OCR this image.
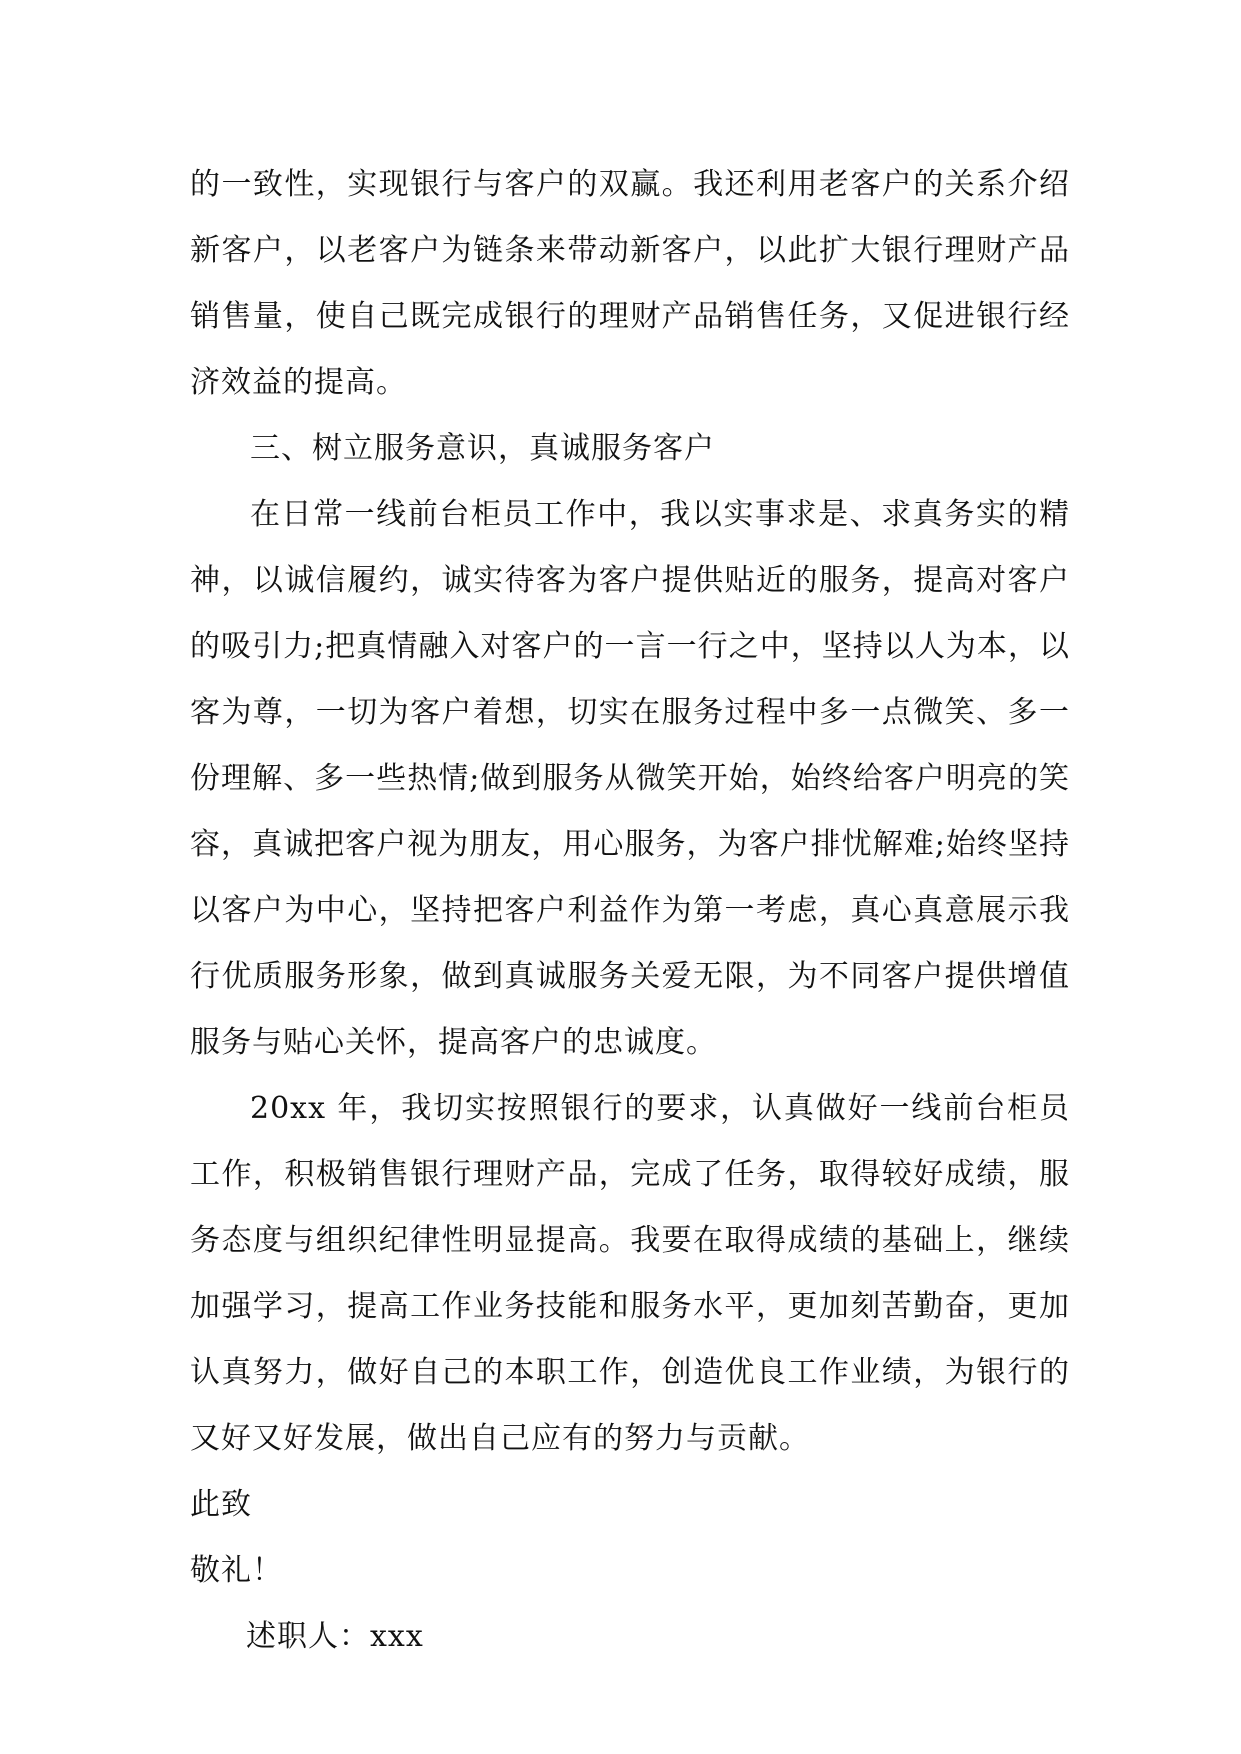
的一致性，实现银行与客户的双赢。我还利用老客户的关系介绍新客户，以老客户为链条来带动新客户，以此扩大银行理财产品销售量，使自己既完成银行的理财产品销售任务，又促进银行经济效益的提高。

三、树立服务意识，真诚服务客户

在日常一线前台柜员工作中，我以实事求是、求真务实的精神，以诚信履约，诚实待客为客户提供贴近的服务，提高对客户的吸引力;把真情融入对客户的一言一行之中，坚持以人为本，以客为尊，一切为客户着想，切实在服务过程中多一点微笑、多一份理解、多一些热情;做到服务从微笑开始，始终给客户明亮的笑容，真诚把客户视为朋友，用心服务，为客户排忧解难;始终坚持以客户为中心，坚持把客户利益作为第一考虑，真心真意展示我行优质服务形象，做到真诚服务关爱无限，为不同客户提供增值服务与贴心关怀，提高客户的忠诚度。

20xx 年，我切实按照银行的要求，认真做好一线前台柜员工作，积极销售银行理财产品，完成了任务，取得较好成绩，服务态度与组织纪律性明显提高。我要在取得成绩的基础上，继续加强学习，提高工作业务技能和服务水平，更加刻苦勤奋，更加认真努力，做好自己的本职工作，创造优良工作业绩，为银行的又好又好发展，做出自己应有的努力与贡献。

此致

敬礼！

述职人：xxx
